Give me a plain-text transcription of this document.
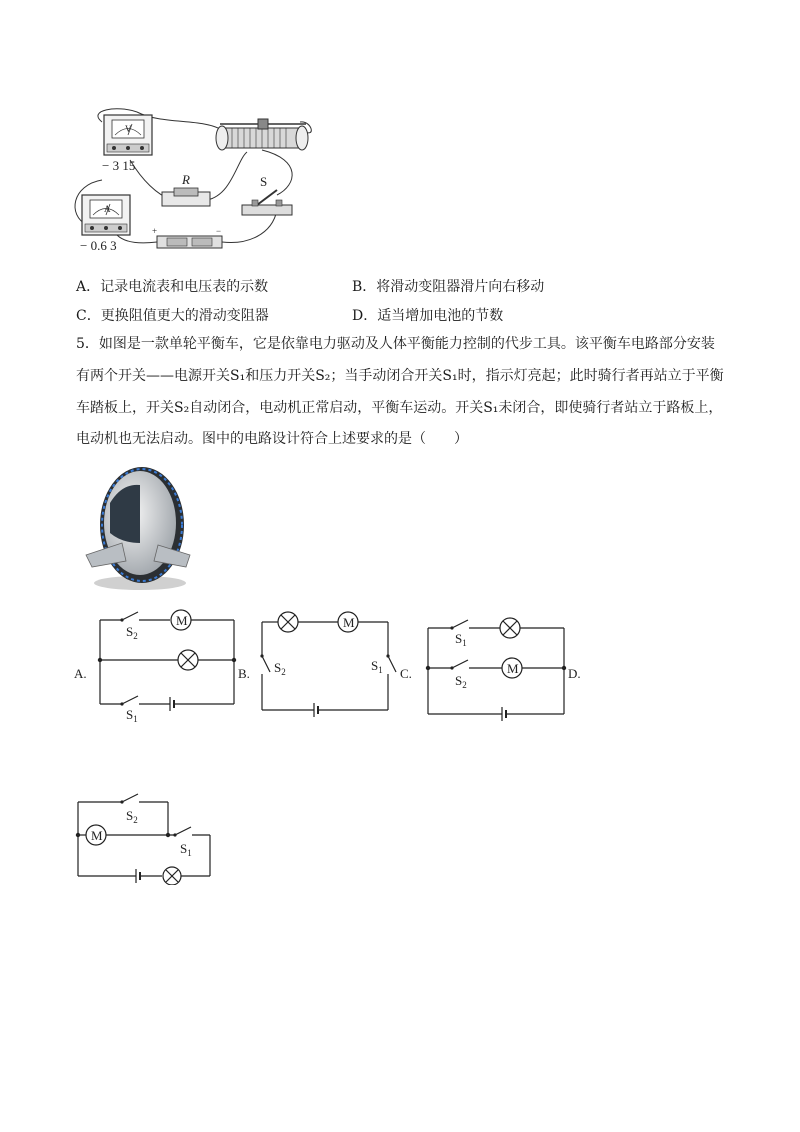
V
− 3 15
A
− 0.6 3
R	S
+	−
A．记录电流表和电压表的示数	B．将滑动变阻器滑片向右移动
C．更换阻值更大的滑动变阻器	D．适当增加电池的节数
5．如图是一款单轮平衡车，它是依靠电力驱动及人体平衡能力控制的代步工具。该平衡车电路部分安装
有两个开关——电源开关S₁和压力开关S₂；当手动闭合开关S₁时，指示灯亮起；此时骑行者再站立于平衡
车踏板上，开关S₂自动闭合，电动机正常启动，平衡车运动。开关S₁未闭合，即使骑行者站立于路板上，
电动机也无法启动。图中的电路设计符合上述要求的是（　　）
A.	B.	C.	D.
M	M
M
$S_2$
$S_1$
$S_2$	$S_1$
$S_1$
$S_2$
M
$S_2$
$S_1$
